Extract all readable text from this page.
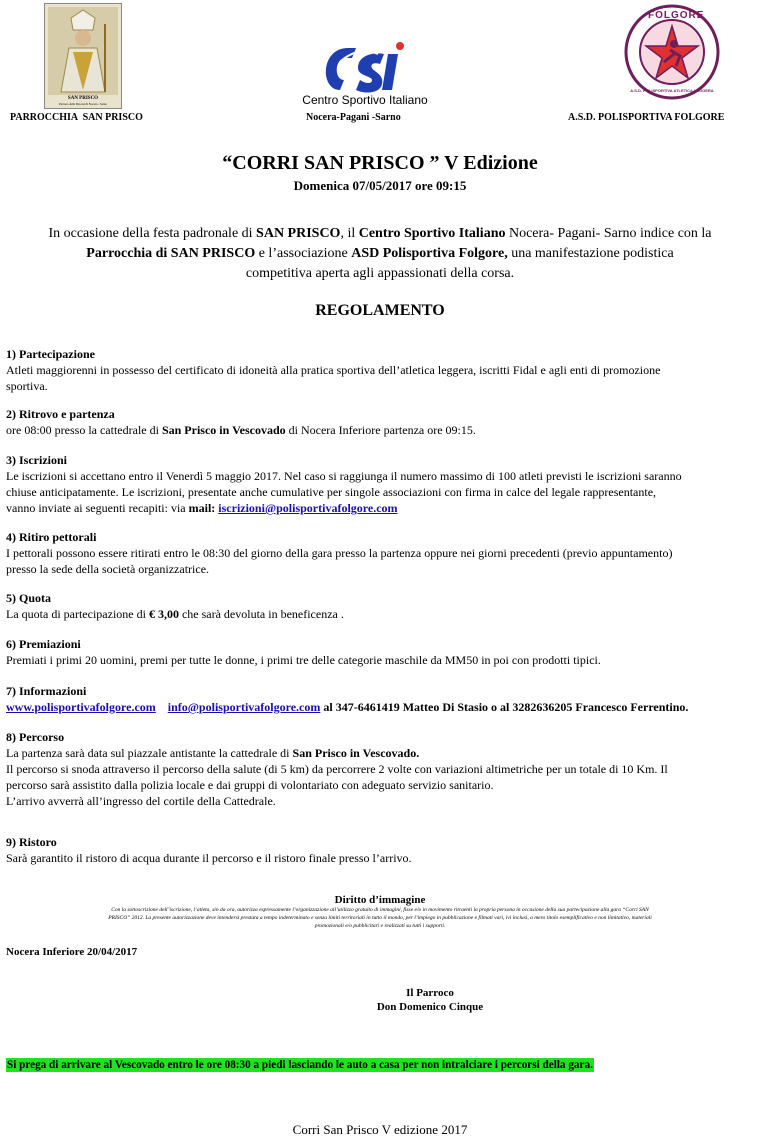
SAN PRISCO
Patrono della Diocesi di Nocera - Sarno	Centro Sportivo Italiano
FOLGORE
A.S.D. POLISPORTIVA ATLETICA LEGGERA
PARROCCHIA  SAN PRISCO	Nocera-Pagani -Sarno	A.S.D. POLISPORTIVA FOLGORE
“CORRI SAN PRISCO ” V Edizione
Domenica 07/05/2017 ore 09:15
In occasione della festa padronale di SAN PRISCO, il Centro Sportivo Italiano Nocera- Pagani- Sarno indice con la
Parrocchia di SAN PRISCO e l’associazione ASD Polisportiva Folgore, una manifestazione podistica
competitiva aperta agli appassionati della corsa.
REGOLAMENTO
1) Partecipazione
Atleti maggiorenni in possesso del certificato di idoneità alla pratica sportiva dell’atletica leggera, iscritti Fidal e agli enti di promozione
sportiva.
2) Ritrovo e partenza
ore 08:00 presso la cattedrale di San Prisco in Vescovado di Nocera Inferiore partenza ore 09:15.
3) Iscrizioni
Le iscrizioni si accettano entro il Venerdì 5 maggio 2017. Nel caso si raggiunga il numero massimo di 100 atleti previsti le iscrizioni saranno
chiuse anticipatamente. Le iscrizioni, presentate anche cumulative per singole associazioni con firma in calce del legale rappresentante,
vanno inviate ai seguenti recapiti: via mail: iscrizioni@polisportivafolgore.com
4) Ritiro pettorali
I pettorali possono essere ritirati entro le 08:30 del giorno della gara presso la partenza oppure nei giorni precedenti (previo appuntamento)
presso la sede della società organizzatrice.
5) Quota
La quota di partecipazione di € 3,00 che sarà devoluta in beneficenza .
6) Premiazioni
Premiati i primi 20 uomini, premi per tutte le donne, i primi tre delle categorie maschile da MM50 in poi con prodotti tipici.
7) Informazioni
www.polisportivafolgore.com info@polisportivafolgore.com al 347-6461419 Matteo Di Stasio o al 3282636205 Francesco Ferrentino.
8) Percorso
La partenza sarà data sul piazzale antistante la cattedrale di San Prisco in Vescovado.
Il percorso si snoda attraverso il percorso della salute (di 5 km) da percorrere 2 volte con variazioni altimetriche per un totale di 10 Km. Il
percorso sarà assistito dalla polizia locale e dai gruppi di volontariato con adeguato servizio sanitario.
L’arrivo avverrà all’ingresso del cortile della Cattedrale.
9) Ristoro
Sarà garantito il ristoro di acqua durante il percorso e il ristoro finale presso l’arrivo.
Diritto d’immagine
Con la sottoscrizione dell’iscrizione, l’atleta, sin da ora, autorizza espressamente l’organizzazione all’utilizzo gratuito di immagini, fisse e/o in movimento ritraenti la propria persona in occasione della sua partecipazione alla gara “Corri SAN
PRISCO” 2012. La presente autorizzazione deve intendersi prestata a tempo indeterminato e senza limiti territoriali in tutto il mondo, per l’impiego in pubblicazione e filmati vari, ivi inclusi, a mero titolo esemplificativo e non limitativo, materiali
promozionali e/o pubblicitari e realizzati su tutti i supporti.
Nocera Inferiore 20/04/2017
Il Parroco
Don Domenico Cinque
Si prega di arrivare al Vescovado entro le ore 08:30 a piedi lasciando le auto a casa per non intralciare i percorsi della gara.
Corri San Prisco V edizione 2017
